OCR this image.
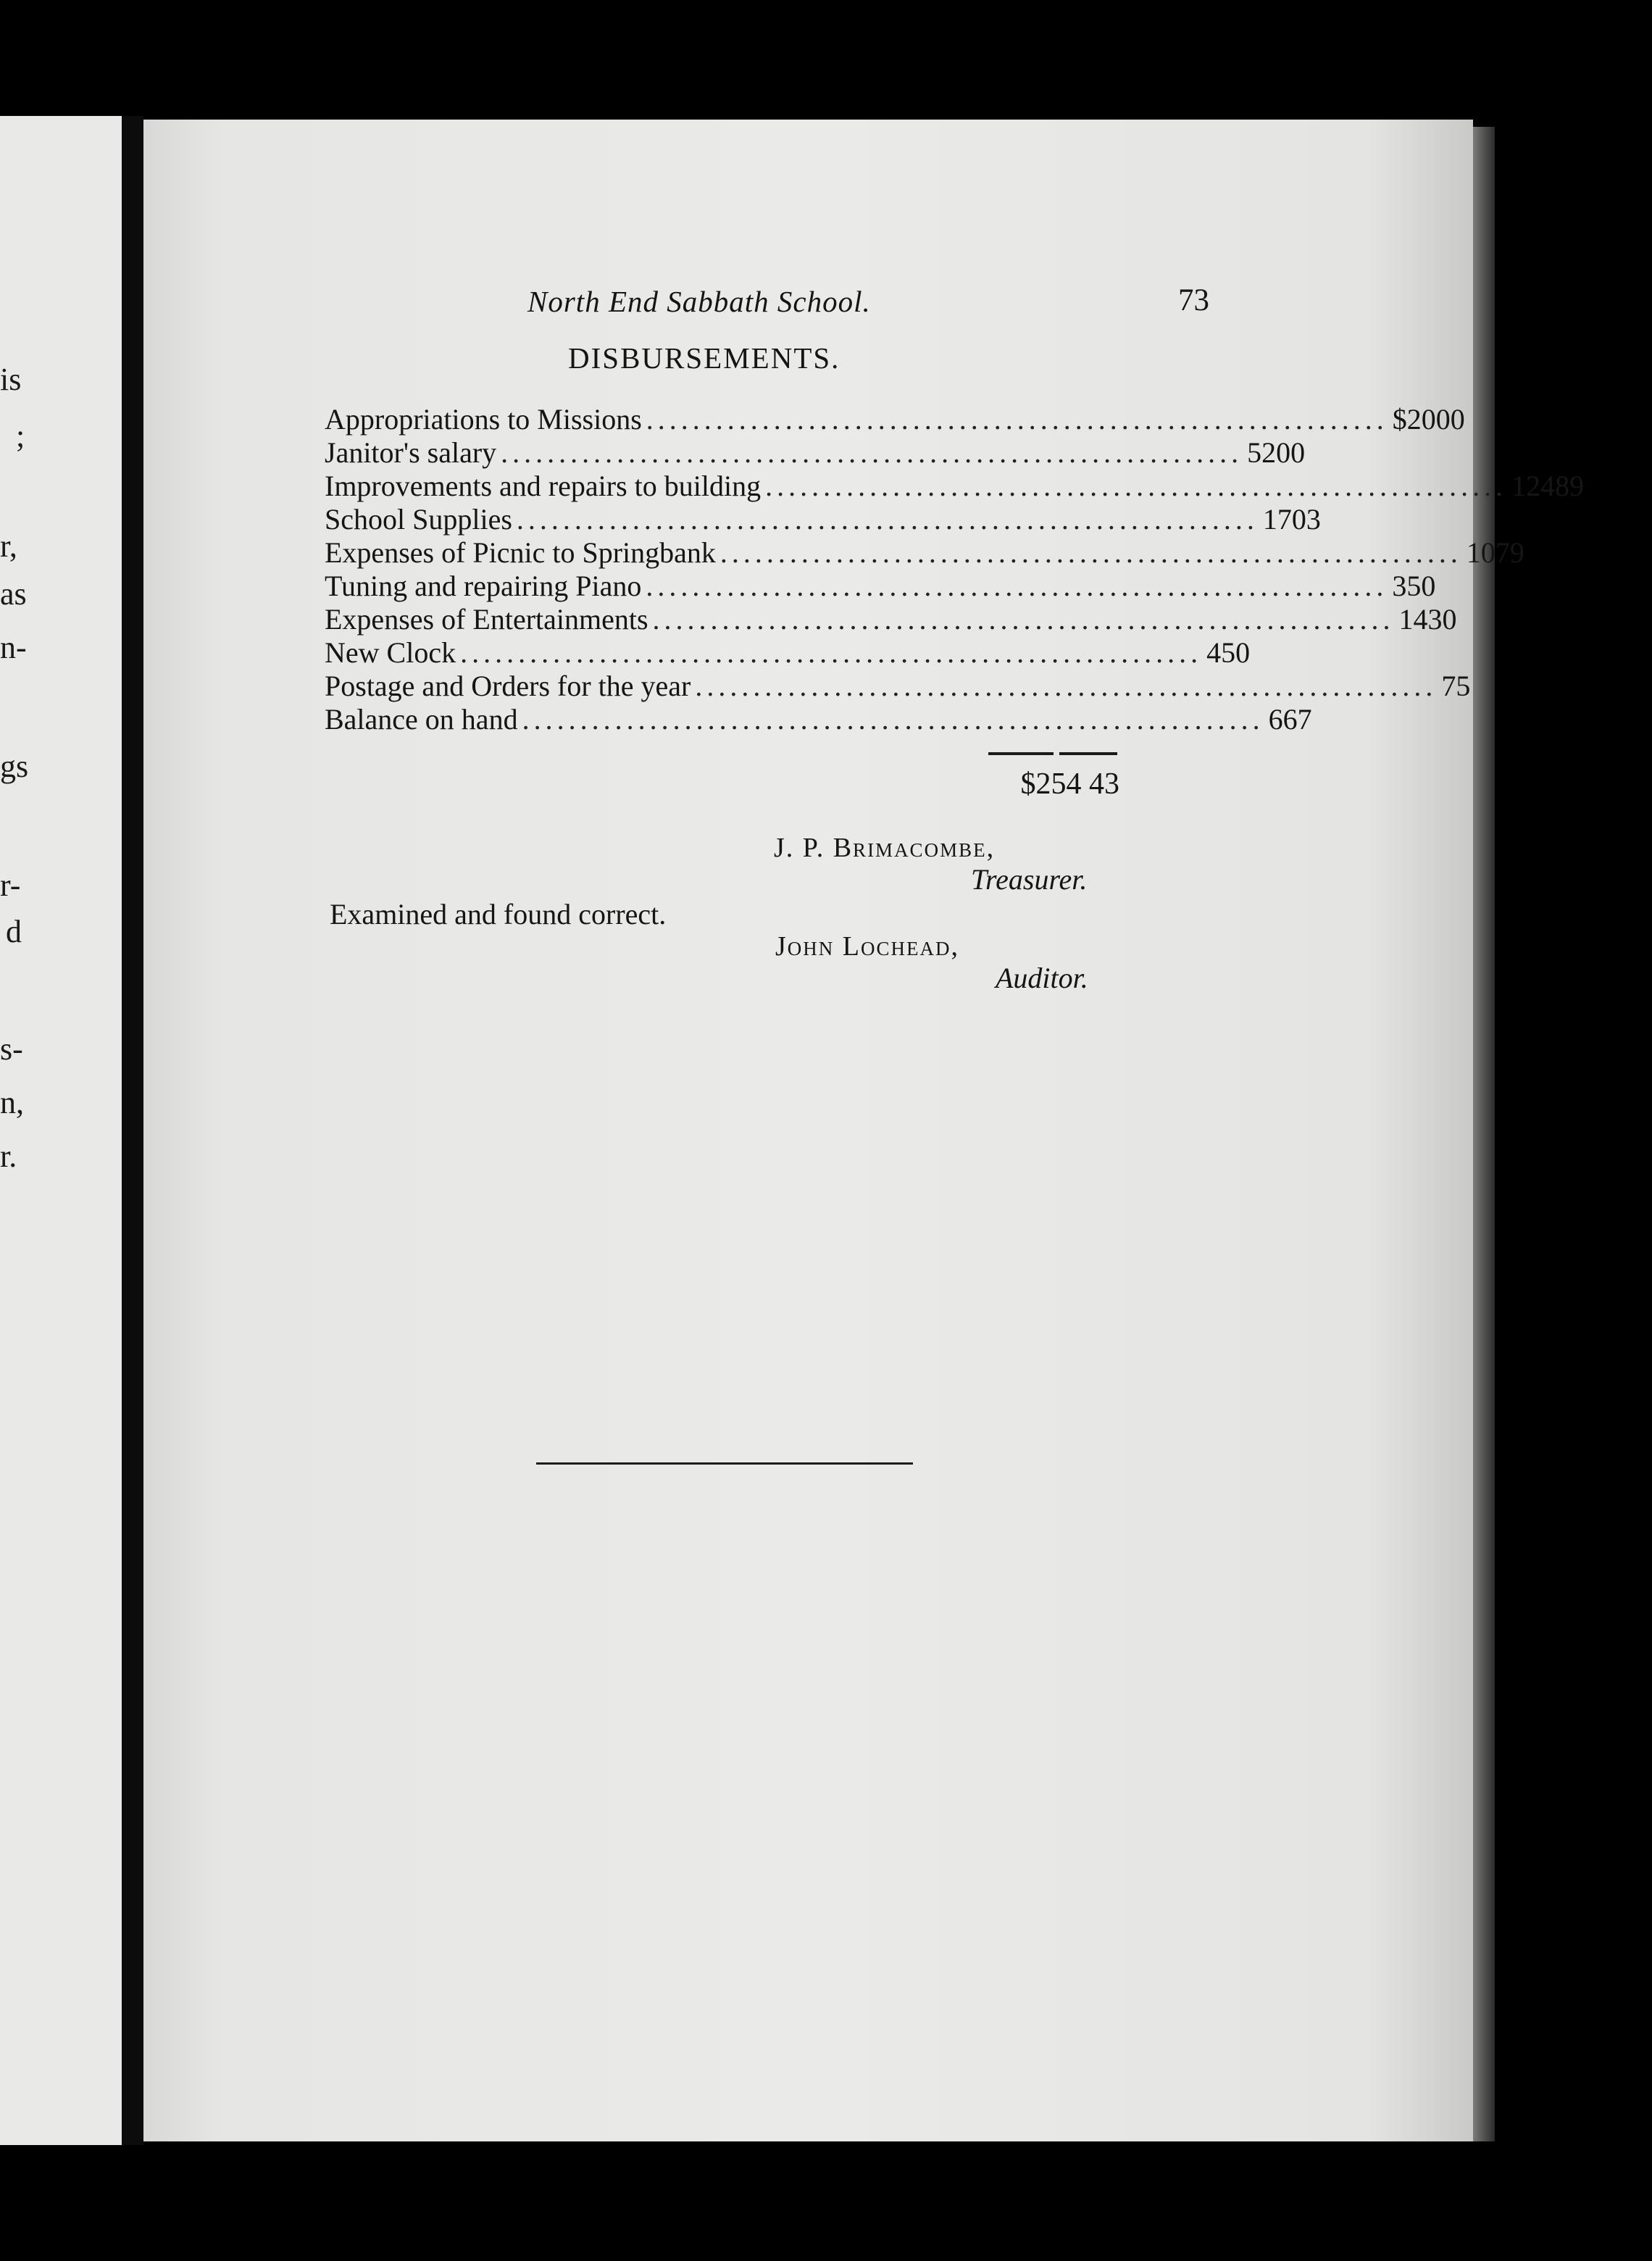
is

;

r,

as

n-

gs

r-

d

s-

n,

r.

North End Sabbath School.	73
DISBURSEMENTS.
Appropriations to Missions ................................................................ $ 20 00
Janitor's salary ................................................................ 52 00
Improvements and repairs to building ................................................................ 124 89
School Supplies ................................................................ 17 03
Expenses of Picnic to Springbank ................................................................ 10 79
Tuning and repairing Piano ................................................................ 3 50
Expenses of Entertainments ................................................................ 14 30
New Clock ................................................................ 4 50
Postage and Orders for the year ................................................................ 75
Balance on hand ................................................................ 6 67
$254 43
J. P. Brimacombe,
Treasurer.
Examined and found correct.
John Lochead,
Auditor.
